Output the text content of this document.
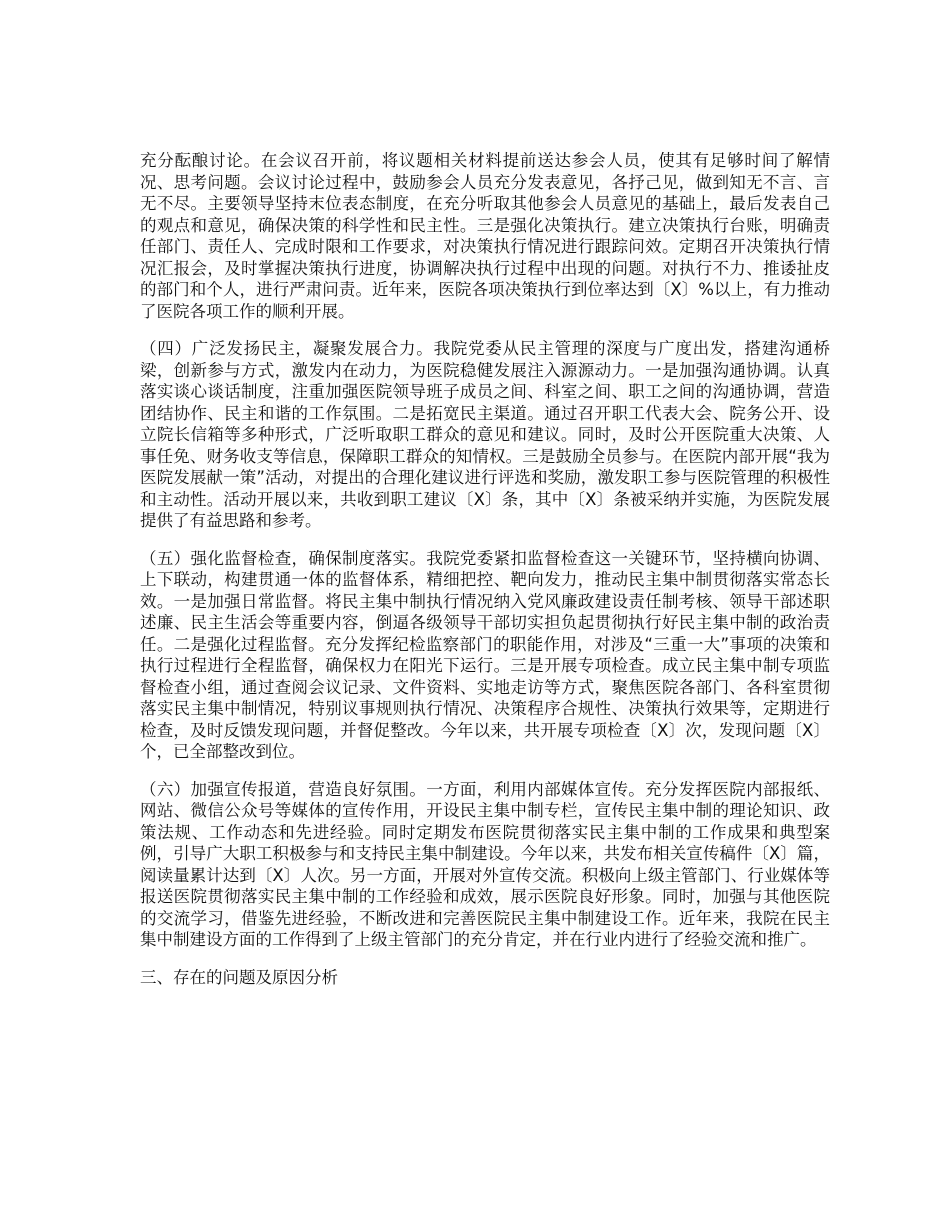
充分酝酿讨论。在会议召开前，将议题相关材料提前送达参会人员，使其有足够时间了解情况、思考问题。会议讨论过程中，鼓励参会人员充分发表意见，各抒己见，做到知无不言、言无不尽。主要领导坚持末位表态制度，在充分听取其他参会人员意见的基础上，最后发表自己的观点和意见，确保决策的科学性和民主性。三是强化决策执行。建立决策执行台账，明确责任部门、责任人、完成时限和工作要求，对决策执行情况进行跟踪问效。定期召开决策执行情况汇报会，及时掌握决策执行进度，协调解决执行过程中出现的问题。对执行不力、推诿扯皮的部门和个人，进行严肃问责。近年来，医院各项决策执行到位率达到〔X〕%以上，有力推动了医院各项工作的顺利开展。

（四）广泛发扬民主，凝聚发展合力。我院党委从民主管理的深度与广度出发，搭建沟通桥梁，创新参与方式，激发内在动力，为医院稳健发展注入源源动力。一是加强沟通协调。认真落实谈心谈话制度，注重加强医院领导班子成员之间、科室之间、职工之间的沟通协调，营造团结协作、民主和谐的工作氛围。二是拓宽民主渠道。通过召开职工代表大会、院务公开、设立院长信箱等多种形式，广泛听取职工群众的意见和建议。同时，及时公开医院重大决策、人事任免、财务收支等信息，保障职工群众的知情权。三是鼓励全员参与。在医院内部开展“我为医院发展献一策”活动，对提出的合理化建议进行评选和奖励，激发职工参与医院管理的积极性和主动性。活动开展以来，共收到职工建议〔X〕条，其中〔X〕条被采纳并实施，为医院发展提供了有益思路和参考。

（五）强化监督检查，确保制度落实。我院党委紧扣监督检查这一关键环节，坚持横向协调、上下联动，构建贯通一体的监督体系，精细把控、靶向发力，推动民主集中制贯彻落实常态长效。一是加强日常监督。将民主集中制执行情况纳入党风廉政建设责任制考核、领导干部述职述廉、民主生活会等重要内容，倒逼各级领导干部切实担负起贯彻执行好民主集中制的政治责任。二是强化过程监督。充分发挥纪检监察部门的职能作用，对涉及“三重一大”事项的决策和执行过程进行全程监督，确保权力在阳光下运行。三是开展专项检查。成立民主集中制专项监督检查小组，通过查阅会议记录、文件资料、实地走访等方式，聚焦医院各部门、各科室贯彻落实民主集中制情况，特别议事规则执行情况、决策程序合规性、决策执行效果等，定期进行检查，及时反馈发现问题，并督促整改。今年以来，共开展专项检查〔X〕次，发现问题〔X〕个，已全部整改到位。

（六）加强宣传报道，营造良好氛围。一方面，利用内部媒体宣传。充分发挥医院内部报纸、网站、微信公众号等媒体的宣传作用，开设民主集中制专栏，宣传民主集中制的理论知识、政策法规、工作动态和先进经验。同时定期发布医院贯彻落实民主集中制的工作成果和典型案例，引导广大职工积极参与和支持民主集中制建设。今年以来，共发布相关宣传稿件〔X〕篇，阅读量累计达到〔X〕人次。另一方面，开展对外宣传交流。积极向上级主管部门、行业媒体等报送医院贯彻落实民主集中制的工作经验和成效，展示医院良好形象。同时，加强与其他医院的交流学习，借鉴先进经验，不断改进和完善医院民主集中制建设工作。近年来，我院在民主集中制建设方面的工作得到了上级主管部门的充分肯定，并在行业内进行了经验交流和推广。

三、存在的问题及原因分析
